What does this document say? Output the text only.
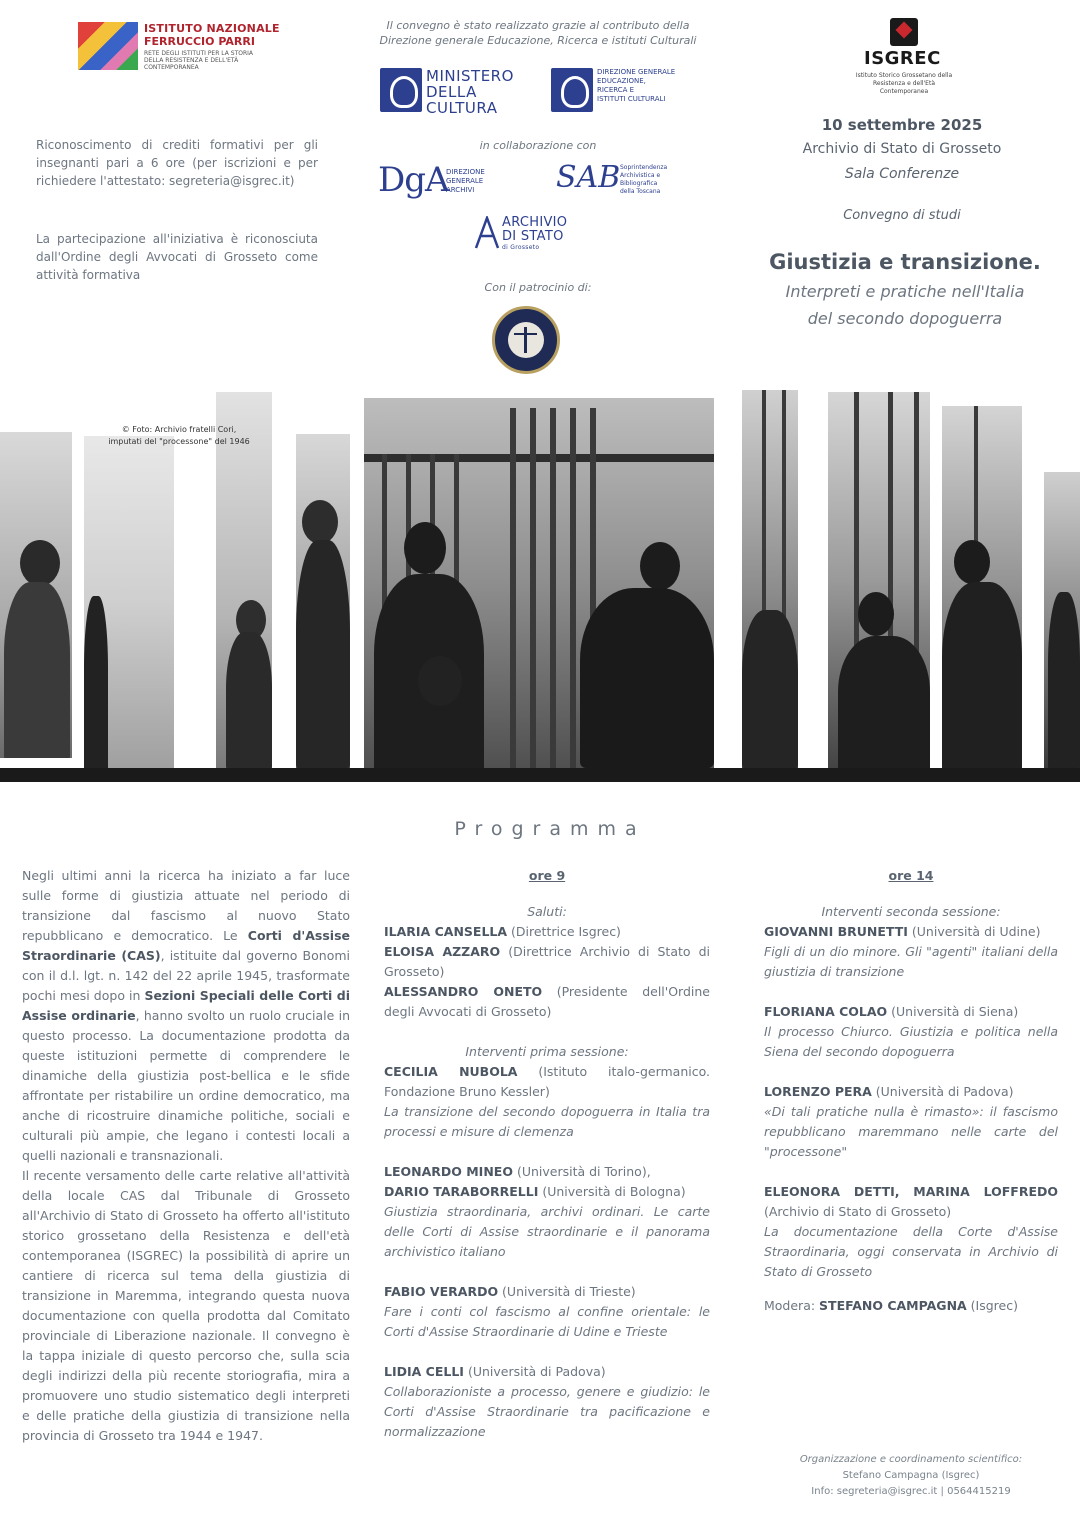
ISTITUTO NAZIONALE
FERRUCCIO PARRI
RETE DEGLI ISTITUTI PER LA STORIA DELLA RESISTENZA E DELL'ETÀ CONTEMPORANEA
Riconoscimento di crediti formativi per gli insegnanti pari a 6 ore (per iscrizioni e per richiedere l'attestato: segreteria@isgrec.it)
La partecipazione all'iniziativa è riconosciuta dall'Ordine degli Avvocati di Grosseto come attività formativa
Il convegno è stato realizzato grazie al contributo della Direzione generale Educazione, Ricerca e istituti Culturali
MINISTERO
DELLA
CULTURA
DIREZIONE GENERALE
EDUCAZIONE,
RICERCA E
ISTITUTI CULTURALI
in collaborazione con
DgA
DIREZIONE
GENERALE
ARCHIVI	SAB Soprintendenza
Archivistica e
Bibliografica
della Toscana
ARCHIVIO
DI STATO
di Grosseto
Con il patrocinio di:
ISGREC
Istituto Storico Grossetano della Resistenza e dell'Età Contemporanea
10 settembre 2025
Archivio di Stato di Grosseto
Sala Conferenze
Convegno di studi
Giustizia e transizione.
Interpreti e pratiche nell'Italia
del secondo dopoguerra
© Foto: Archivio fratelli Cori,
imputati del "processone" del 1946
Programma
Negli ultimi anni la ricerca ha iniziato a far luce sulle forme di giustizia attuate nel periodo di transizione dal fascismo al nuovo Stato repubblicano e democratico. Le Corti d'Assise Straordinarie (CAS), istituite dal governo Bonomi con il d.l. lgt. n. 142 del 22 aprile 1945, trasformate pochi mesi dopo in Sezioni Speciali delle Corti di Assise ordinarie, hanno svolto un ruolo cruciale in questo processo. La documentazione prodotta da queste istituzioni permette di comprendere le dinamiche della giustizia post-bellica e le sfide affrontate per ristabilire un ordine democratico, ma anche di ricostruire dinamiche politiche, sociali e culturali più ampie, che legano i contesti locali a quelli nazionali e transnazionali.
Il recente versamento delle carte relative all'attività della locale CAS dal Tribunale di Grosseto all'Archivio di Stato di Grosseto ha offerto all'istituto storico grossetano della Resistenza e dell'età contemporanea (ISGREC) la possibilità di aprire un cantiere di ricerca sul tema della giustizia di transizione in Maremma, integrando questa nuova documentazione con quella prodotta dal Comitato provinciale di Liberazione nazionale. Il convegno è la tappa iniziale di questo percorso che, sulla scia degli indirizzi della più recente storiografia, mira a promuovere uno studio sistematico degli interpreti e delle pratiche della giustizia di transizione nella provincia di Grosseto tra 1944 e 1947.
ore 9
Saluti:
ILARIA CANSELLA (Direttrice Isgrec)
ELOISA AZZARO (Direttrice Archivio di Stato di Grosseto)
ALESSANDRO ONETO (Presidente dell'Ordine degli Avvocati di Grosseto)
Interventi prima sessione:
CECILIA NUBOLA (Istituto italo-germanico. Fondazione Bruno Kessler)
La transizione del secondo dopoguerra in Italia tra processi e misure di clemenza
LEONARDO MINEO (Università di Torino),
DARIO TARABORRELLI (Università di Bologna)
Giustizia straordinaria, archivi ordinari. Le carte delle Corti di Assise straordinarie e il panorama archivistico italiano
FABIO VERARDO (Università di Trieste)
Fare i conti col fascismo al confine orientale: le Corti d'Assise Straordinarie di Udine e Trieste
LIDIA CELLI (Università di Padova)
Collaborazioniste a processo, genere e giudizio: le Corti d'Assise Straordinarie tra pacificazione e normalizzazione
ore 14
Interventi seconda sessione:
GIOVANNI BRUNETTI (Università di Udine)
Figli di un dio minore. Gli "agenti" italiani della giustizia di transizione
FLORIANA COLAO (Università di Siena)
Il processo Chiurco. Giustizia e politica nella Siena del secondo dopoguerra
LORENZO PERA (Università di Padova)
«Di tali pratiche nulla è rimasto»: il fascismo repubblicano maremmano nelle carte del "processone"
ELEONORA DETTI, MARINA LOFFREDO (Archivio di Stato di Grosseto)
La documentazione della Corte d'Assise Straordinaria, oggi conservata in Archivio di Stato di Grosseto
Modera: STEFANO CAMPAGNA (Isgrec)
Organizzazione e coordinamento scientifico:
Stefano Campagna (Isgrec)
Info: segreteria@isgrec.it | 0564415219
